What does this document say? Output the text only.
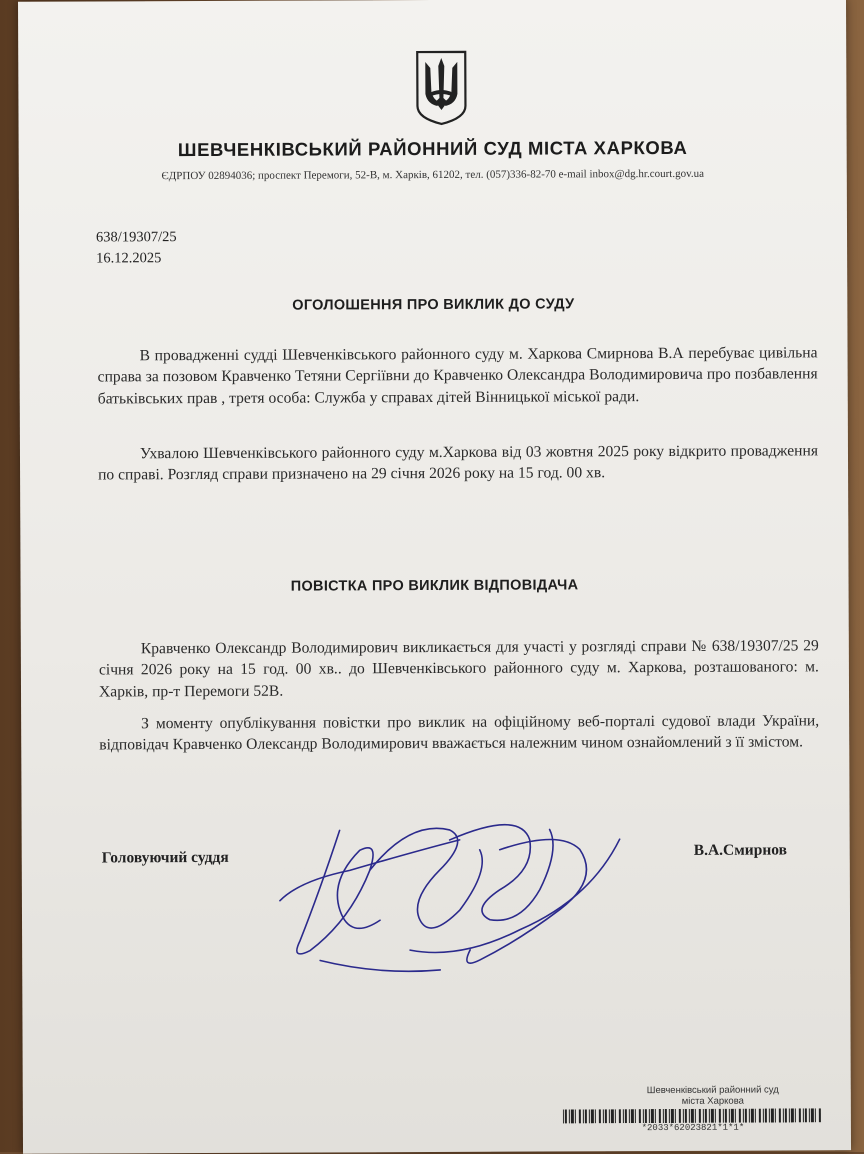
ШЕВЧЕНКІВСЬКИЙ РАЙОННИЙ СУД МІСТА ХАРКОВА
ЄДРПОУ 02894036; проспект Перемоги, 52-В, м. Харків, 61202, тел. (057)336-82-70 e-mail inbox@dg.hr.court.gov.ua
638/19307/25
16.12.2025
ОГОЛОШЕННЯ ПРО ВИКЛИК ДО СУДУ

В провадженні судді Шевченківського районного суду м. Харкова Смирнова В.А перебуває цивільна справа за позовом Кравченко Тетяни Сергіївни до Кравченко Олександра Володимировича про позбавлення батьківських прав , третя особа: Служба у справах дітей Вінницької міської ради.

Ухвалою Шевченківського районного суду м.Харкова від 03 жовтня 2025 року відкрито провадження по справі. Розгляд справи призначено на 29 січня 2026 року на 15 год. 00 хв.

ПОВІСТКА ПРО ВИКЛИК ВІДПОВІДАЧА

Кравченко Олександр Володимирович викликається для участі у розгляді справи № 638/19307/25 29 січня 2026 року на 15 год. 00 хв.. до Шевченківського районного суду м. Харкова, розташованого: м. Харків, пр-т Перемоги 52В.

З моменту опублікування повістки про виклик на офіційному веб-порталі судової влади України, відповідач Кравченко Олександр Володимирович вважається належним чином ознайомлений з її змістом.

Головуючий суддя	В.А.Смирнов
Шевченківський районний суд
міста Харкова
*2033*62023821*1*1*
